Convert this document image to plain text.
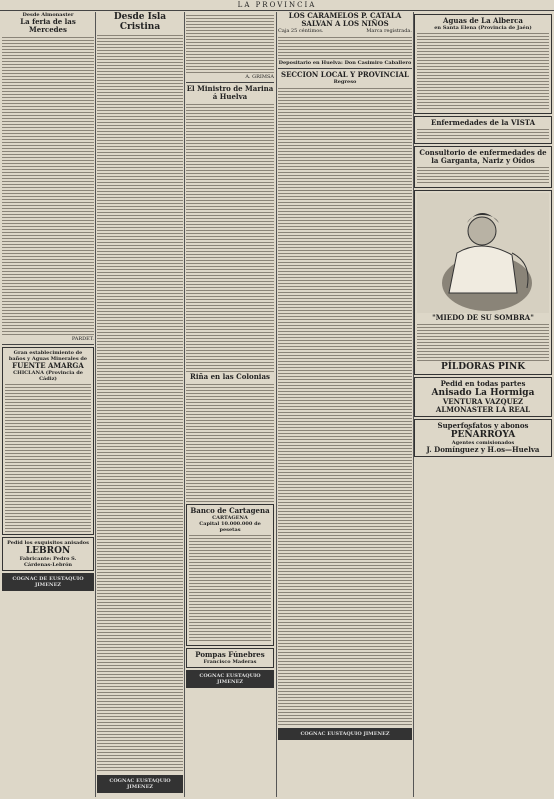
LA PROVINCIA
Desde Almonaster
La feria de las Mercedes
PARDET.
Gran establecimiento de baños y Aguas Minerales de
FUENTE AMARGA
CHICLANA (Provincia de Cádiz)
Pedid los exquisitos anisados
LEBRON
Fabricante: Pedro S. Cárdenas-Lebrón
COGNAC DE EUSTAQUIO JIMENEZ
Desde Isla Cristina
COGNAC EUSTAQUIO JIMENEZ
A. GRIMSA
El Ministro de Marina á Huelva
Riña en las Colonias
Banco de Cartagena
CARTAGENA
Capital 10.000.000 de pesetas
Pompas Fúnebres
Francisco Maderas
COGNAC EUSTAQUIO JIMENEZ
LOS CARAMELOS P. CATALA SALVAN A LOS NIÑOS
Caja 25 céntimos.	Marca registrada.
Depositario en Huelva: Don Casimiro Caballero
SECCION LOCAL Y PROVINCIAL
Regreso
COGNAC EUSTAQUIO JIMENEZ
Aguas de La Alberca
en Santa Elena (Provincia de Jaén)
Enfermedades de la VISTA
Consultorio de enfermedades de la Garganta, Nariz y Oídos
"MIEDO DE SU SOMBRA"
PÍLDORAS PINK
Pedid en todas partes
Anisado La Hormiga
VENTURA VAZQUEZ
ALMONASTER LA REAL
Superfosfatos y abonos
PEÑARROYA
Agentes comisionados
J. Domínguez y H.os—Huelva
